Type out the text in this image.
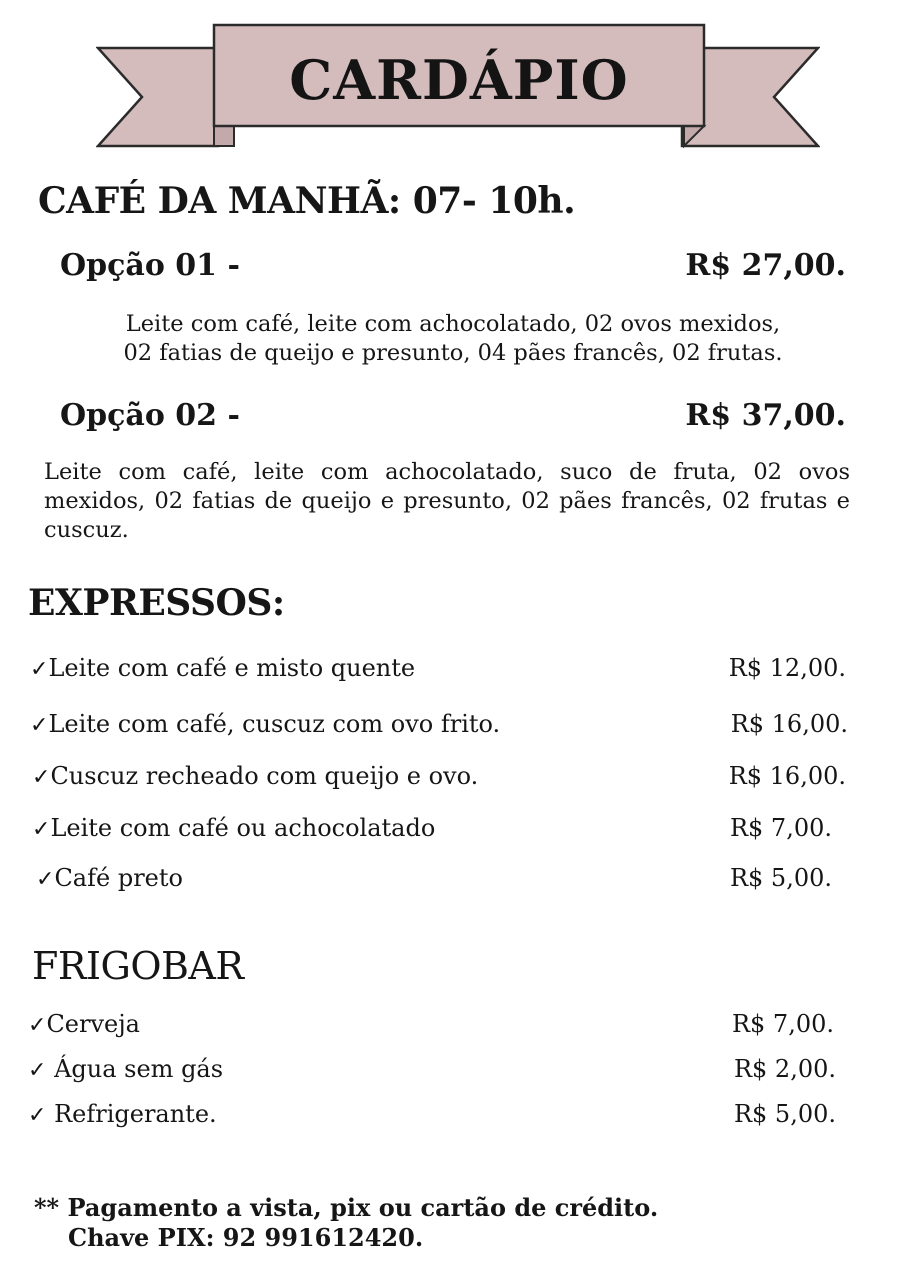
CARDÁPIO
CAFÉ DA MANHÃ: 07- 10h.
Opção 01 -	R$ 27,00.
Leite com café, leite com achocolatado, 02 ovos mexidos,
02 fatias de queijo e presunto, 04 pães francês, 02 frutas.
Opção 02 -	R$ 37,00.
Leite com café, leite com achocolatado, suco de fruta, 02 ovos mexidos, 02 fatias de queijo e presunto, 02 pães francês, 02 frutas e cuscuz.
EXPRESSOS:
✓Leite com café e misto quente	R$ 12,00.
✓Leite com café, cuscuz com ovo frito.	R$ 16,00.
✓Cuscuz recheado com queijo e ovo.	R$ 16,00.
✓Leite com café ou achocolatado	R$ 7,00.
✓Café preto	R$ 5,00.
FRIGOBAR
✓Cerveja	R$ 7,00.
✓ Água sem gás	R$ 2,00.
✓ Refrigerante.	R$ 5,00.
** Pagamento a vista, pix ou cartão de crédito.
Chave PIX: 92 991612420.
